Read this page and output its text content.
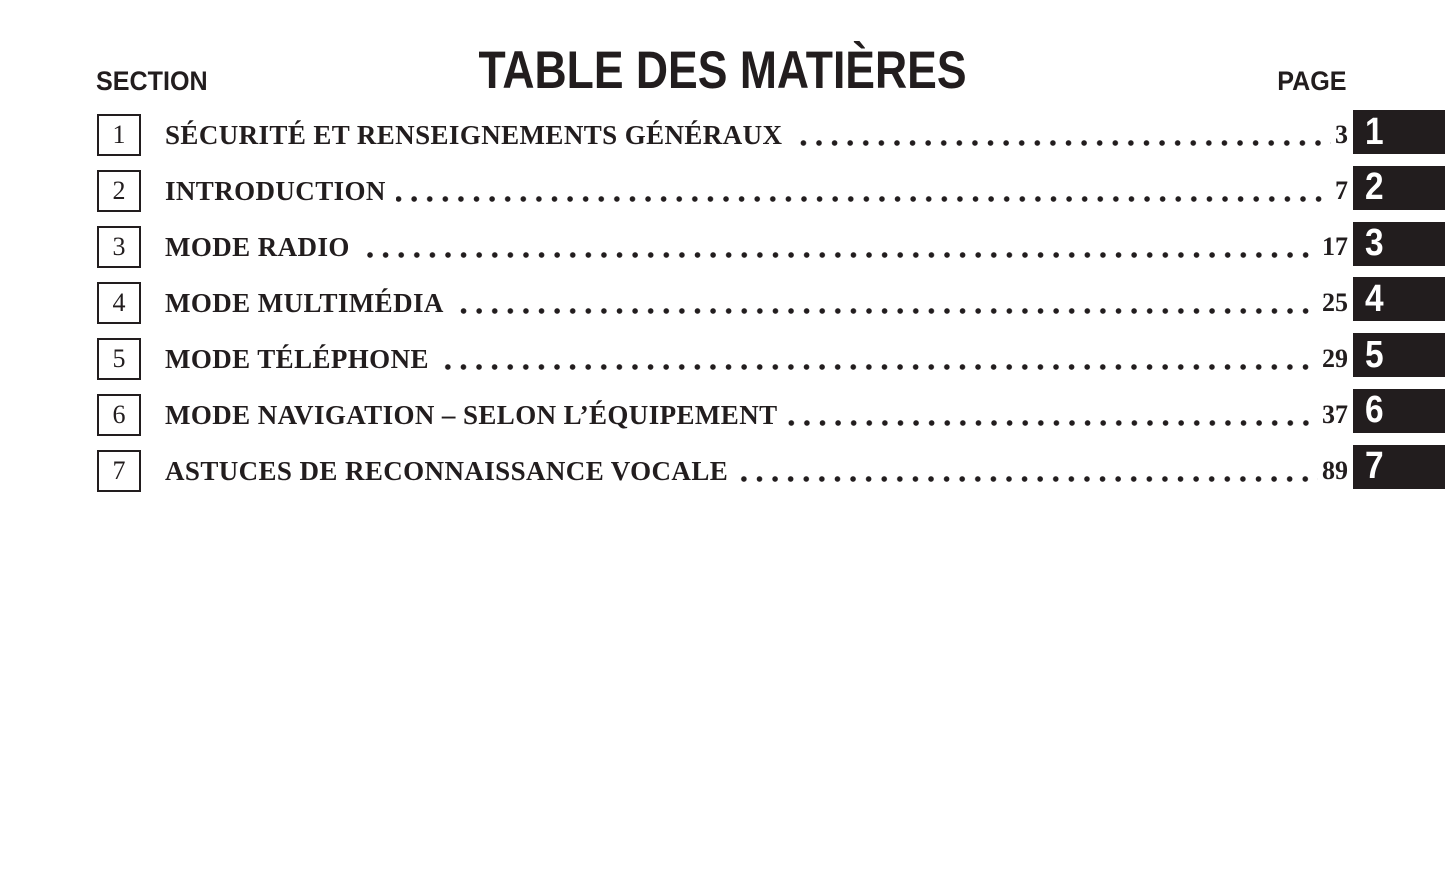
TABLE DES MATIÈRES
SECTION	PAGE
1 SÉCURITÉ ET RENSEIGNEMENTS GÉNÉRAUX	3
2 INTRODUCTION	7
3 MODE RADIO	17
4 MODE MULTIMÉDIA	25
5 MODE TÉLÉPHONE	29
6 MODE NAVIGATION – SELON L’ÉQUIPEMENT	37
7 ASTUCES DE RECONNAISSANCE VOCALE	89
1
2
3
4
5
6
7
